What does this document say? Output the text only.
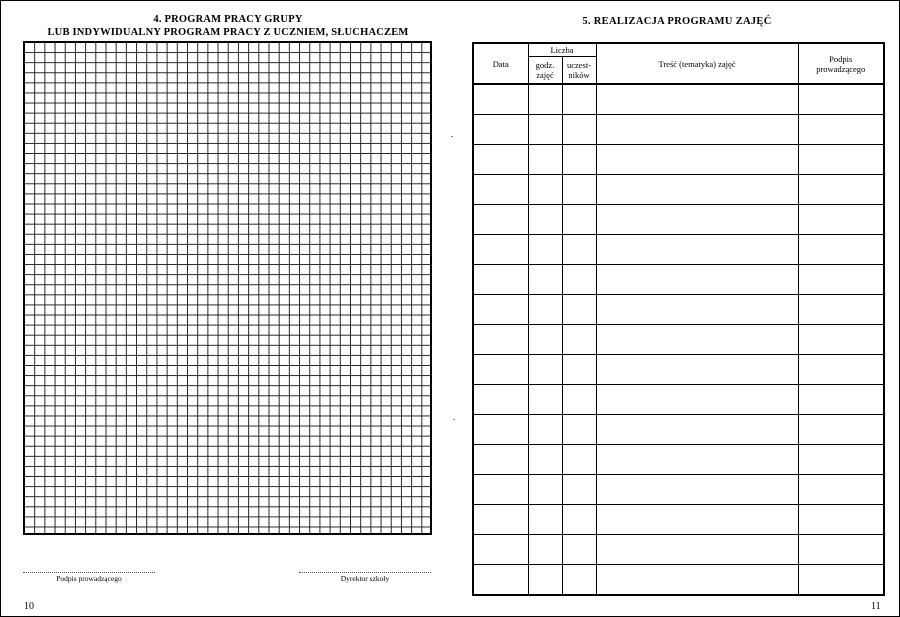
4. PROGRAM PRACY GRUPY
LUB INDYWIDUALNY PROGRAM PRACY Z UCZNIEM, SŁUCHACZEM
Podpis prowadzącego	Dyrektor szkoły
10
5. REALIZACJA PROGRAMU ZAJĘĆ
Data	Liczba		Treść (tematyka) zajęć	Podpis prowadzącego
	godz. zajęć	uczest-ników		

11
